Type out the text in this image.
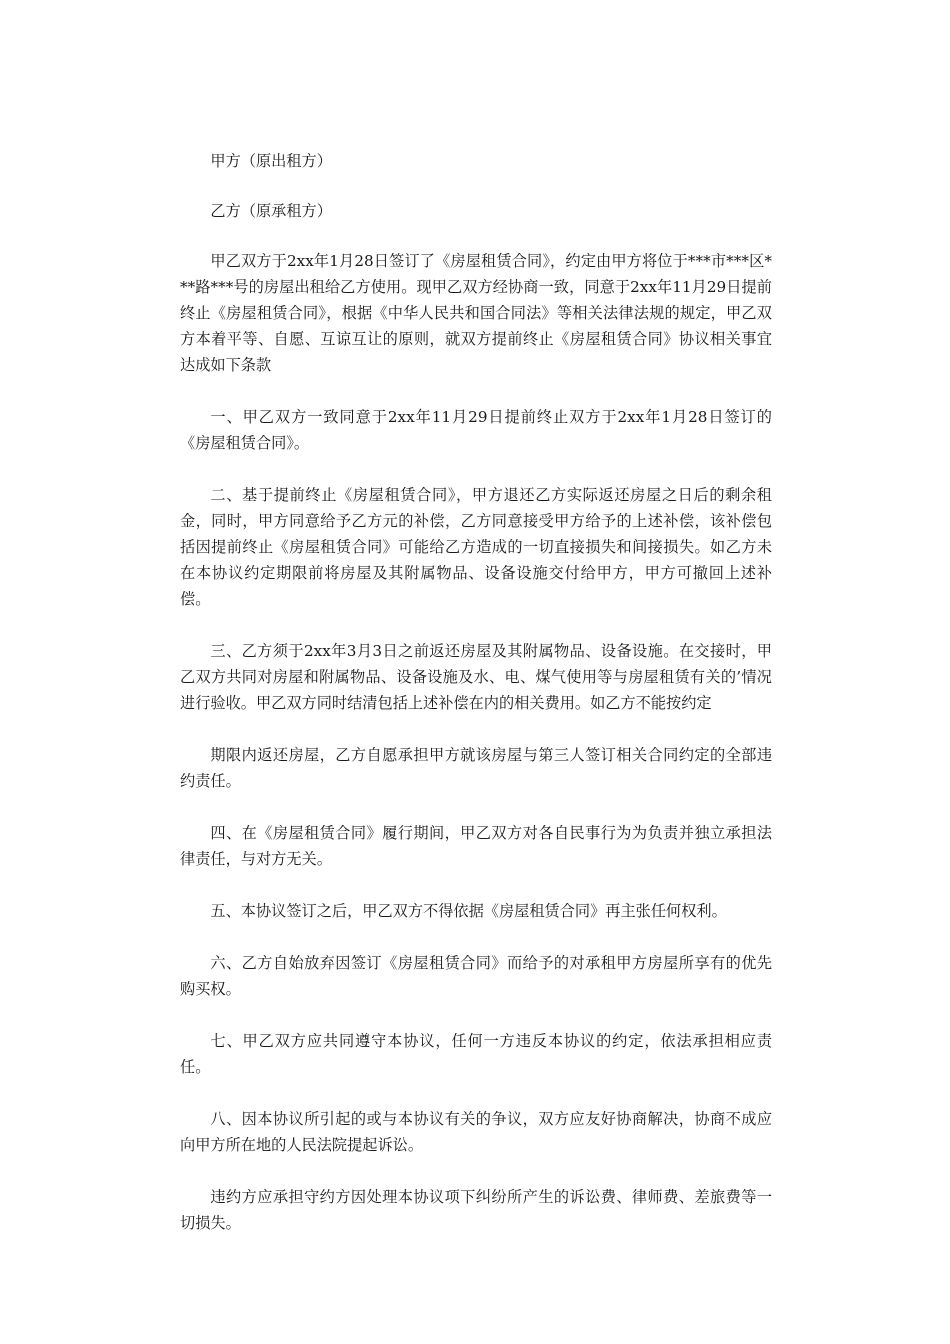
甲方（原出租方）

乙方（原承租方）

甲乙双方于2xx年1月28日签订了《房屋租赁合同》，约定由甲方将位于***市***区***路***号的房屋出租给乙方使用。现甲乙双方经协商一致，同意于2xx年11月29日提前终止《房屋租赁合同》，根据《中华人民共和国合同法》等相关法律法规的规定，甲乙双方本着平等、自愿、互谅互让的原则，就双方提前终止《房屋租赁合同》协议相关事宜达成如下条款

一、甲乙双方一致同意于2xx年11月29日提前终止双方于2xx年1月28日签订的《房屋租赁合同》。

二、基于提前终止《房屋租赁合同》，甲方退还乙方实际返还房屋之日后的剩余租金，同时，甲方同意给予乙方元的补偿，乙方同意接受甲方给予的上述补偿，该补偿包括因提前终止《房屋租赁合同》可能给乙方造成的一切直接损失和间接损失。如乙方未在本协议约定期限前将房屋及其附属物品、设备设施交付给甲方，甲方可撤回上述补偿。

三、乙方须于2xx年3月3日之前返还房屋及其附属物品、设备设施。在交接时，甲乙双方共同对房屋和附属物品、设备设施及水、电、煤气使用等与房屋租赁有关的’情况进行验收。甲乙双方同时结清包括上述补偿在内的相关费用。如乙方不能按约定

期限内返还房屋，乙方自愿承担甲方就该房屋与第三人签订相关合同约定的全部违约责任。

四、在《房屋租赁合同》履行期间，甲乙双方对各自民事行为为负责并独立承担法律责任，与对方无关。

五、本协议签订之后，甲乙双方不得依据《房屋租赁合同》再主张任何权利。

六、乙方自始放弃因签订《房屋租赁合同》而给予的对承租甲方房屋所享有的优先购买权。

七、甲乙双方应共同遵守本协议，任何一方违反本协议的约定，依法承担相应责任。

八、因本协议所引起的或与本协议有关的争议，双方应友好协商解决，协商不成应向甲方所在地的人民法院提起诉讼。

违约方应承担守约方因处理本协议项下纠纷所产生的诉讼费、律师费、差旅费等一切损失。
